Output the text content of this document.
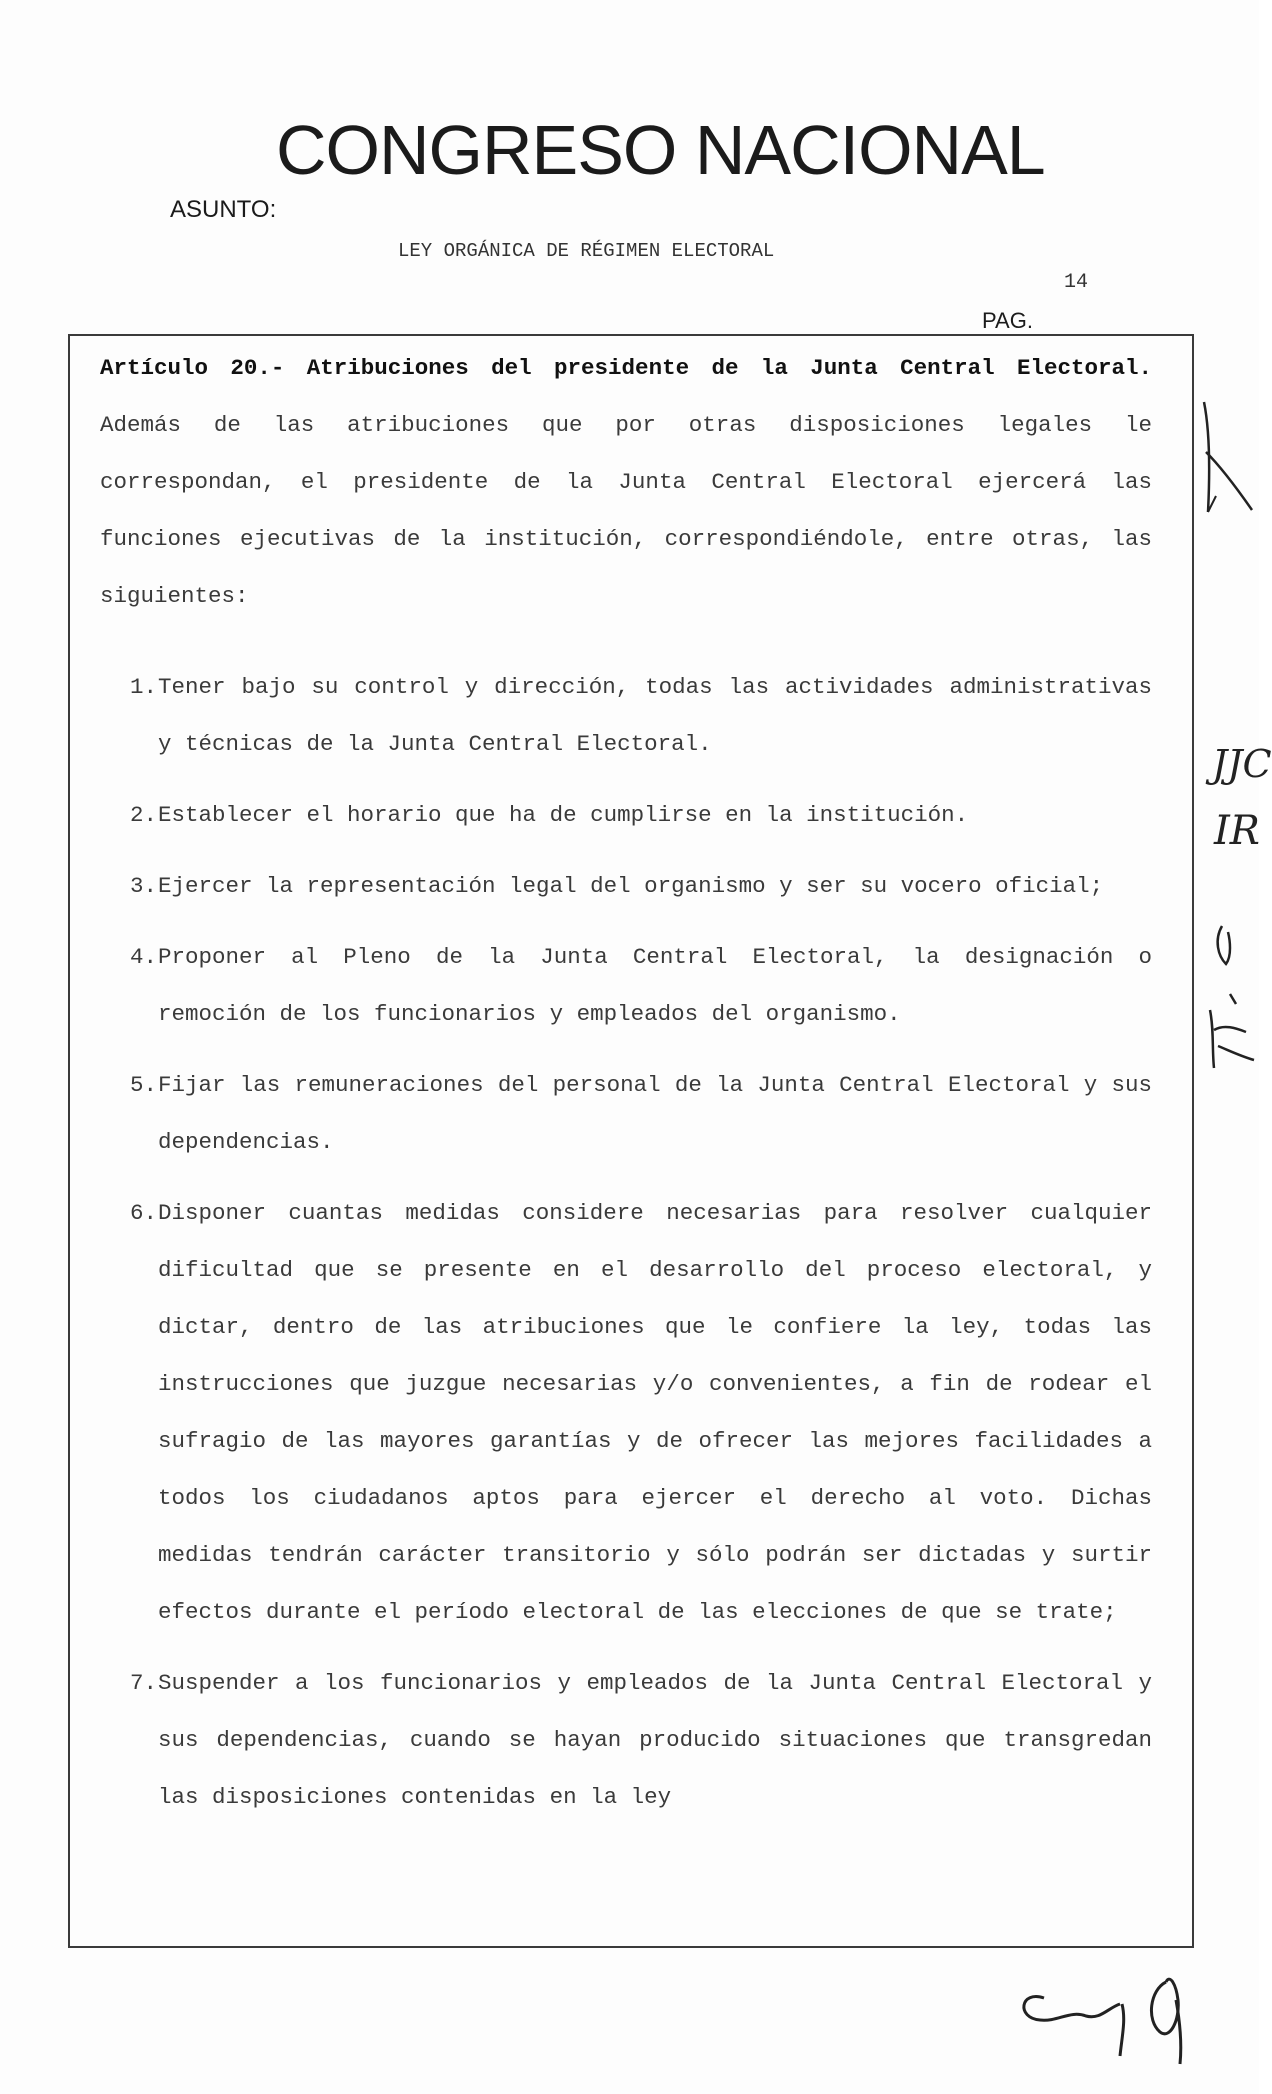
CONGRESO NACIONAL
ASUNTO:
LEY ORGÁNICA DE RÉGIMEN ELECTORAL
14
PAG.

Artículo 20.- Atribuciones del presidente de la Junta Central Electoral. Además de las atribuciones que por otras disposiciones legales le correspondan, el presidente de la Junta Central Electoral ejercerá las funciones ejecutivas de la institución, correspondiéndole, entre otras, las siguientes:

1. Tener bajo su control y dirección, todas las actividades administrativas y técnicas de la Junta Central Electoral.
2. Establecer el horario que ha de cumplirse en la institución.
3. Ejercer la representación legal del organismo y ser su vocero oficial;
4. Proponer al Pleno de la Junta Central Electoral, la designación o remoción de los funcionarios y empleados del organismo.
5. Fijar las remuneraciones del personal de la Junta Central Electoral y sus dependencias.
6. Disponer cuantas medidas considere necesarias para resolver cualquier dificultad que se presente en el desarrollo del proceso electoral, y dictar, dentro de las atribuciones que le confiere la ley, todas las instrucciones que juzgue necesarias y/o convenientes, a fin de rodear el sufragio de las mayores garantías y de ofrecer las mejores facilidades a todos los ciudadanos aptos para ejercer el derecho al voto. Dichas medidas tendrán carácter transitorio y sólo podrán ser dictadas y surtir efectos durante el período electoral de las elecciones de que se trate;
7. Suspender a los funcionarios y empleados de la Junta Central Electoral y sus dependencias, cuando se hayan producido situaciones que transgredan las disposiciones contenidas en la ley
JJC
IR
